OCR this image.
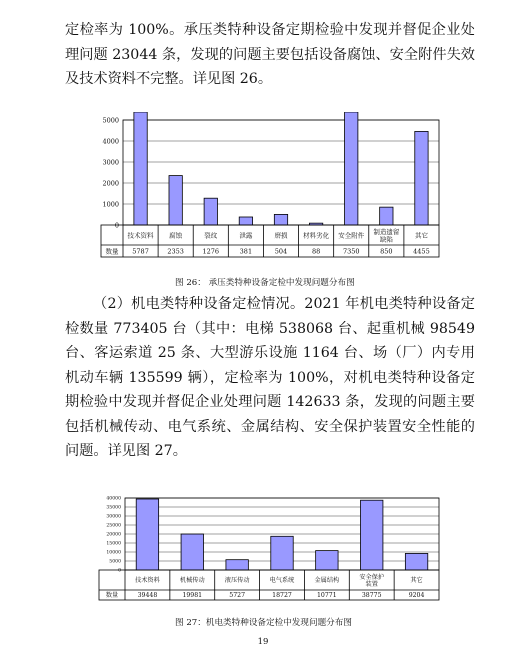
定检率为 100%。承压类特种设备定期检验中发现并督促企业处理问题 23044 条，发现的问题主要包括设备腐蚀、安全附件失效及技术资料不完整。详见图 26。

0
1000
2000
3000
4000
5000
数量
技术资料
5787
腐蚀
2353
裂纹
1276
泄露
381
磨损
504
材料劣化
88
安全附件
7350
制造遗留缺陷
850
其它
4455
图 26： 承压类特种设备定检中发现问题分布图

（2）机电类特种设备定检情况。2021 年机电类特种设备定检数量 773405 台（其中：电梯 538068 台、起重机械 98549 台、客运索道 25 条、大型游乐设施 1164 台、场（厂）内专用机动车辆 135599 辆），定检率为 100%，对机电类特种设备定期检验中发现并督促企业处理问题 142633 条，发现的问题主要包括机械传动、电气系统、金属结构、安全保护装置安全性能的问题。详见图 27。

0
5000
10000
15000
20000
25000
30000
35000
40000
数量
技术资料
39448
机械传动
19981
液压传动
5727
电气系统
18727
金属结构
10771
安全保护装置
38775
其它
9204
图 27：机电类特种设备定检中发现问题分布图
19
